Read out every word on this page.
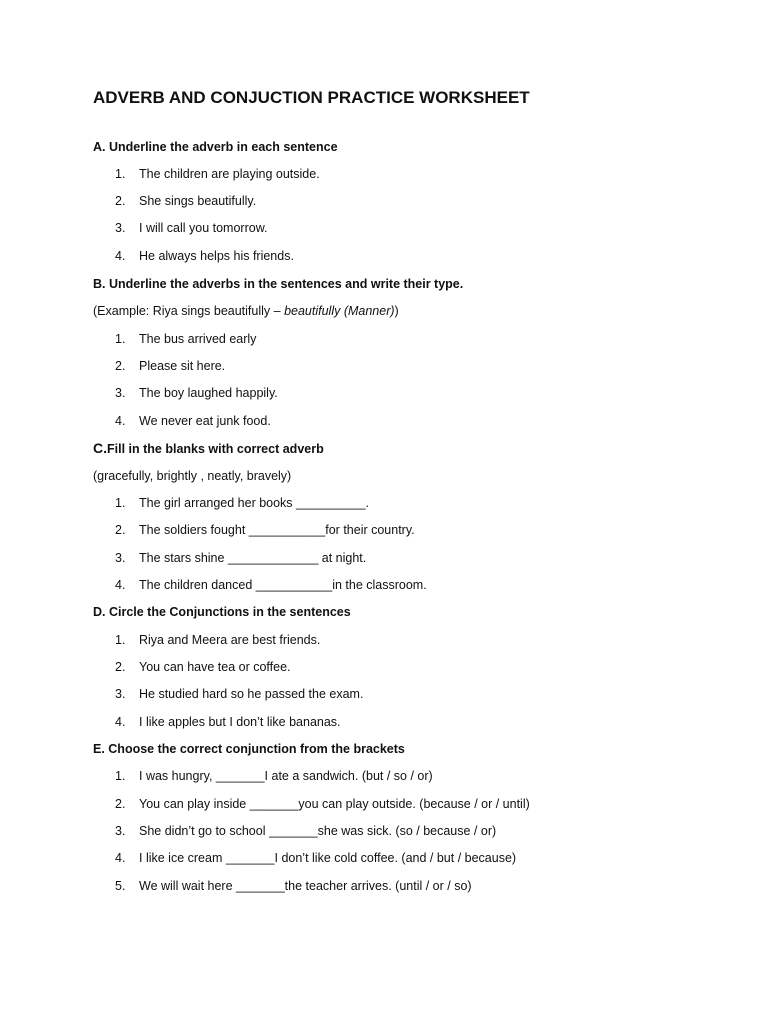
ADVERB AND CONJUCTION PRACTICE WORKSHEET
A. Underline the adverb in each sentence
1. The children are playing outside.
2. She sings beautifully.
3. I will call you tomorrow.
4. He always helps his friends.
B. Underline the adverbs in the sentences and write their type.
(Example: Riya sings beautifully – beautifully (Manner))
1. The bus arrived early
2. Please sit here.
3. The boy laughed happily.
4. We never eat junk food.
C.Fill in the blanks with correct adverb
(gracefully, brightly , neatly, bravely)
1. The girl arranged her books __________.
2. The soldiers fought ___________for their country.
3. The stars shine _____________ at night.
4. The children danced ___________in the classroom.
D. Circle the Conjunctions in the sentences
1. Riya and Meera are best friends.
2. You can have tea or coffee.
3. He studied hard so he passed the exam.
4. I like apples but I don’t like bananas.
E. Choose the correct conjunction from the brackets
1. I was hungry, _______I ate a sandwich. (but / so / or)
2. You can play inside _______you can play outside. (because / or / until)
3. She didn’t go to school _______she was sick. (so / because / or)
4. I like ice cream _______I don’t like cold coffee. (and / but / because)
5. We will wait here _______the teacher arrives. (until / or / so)
